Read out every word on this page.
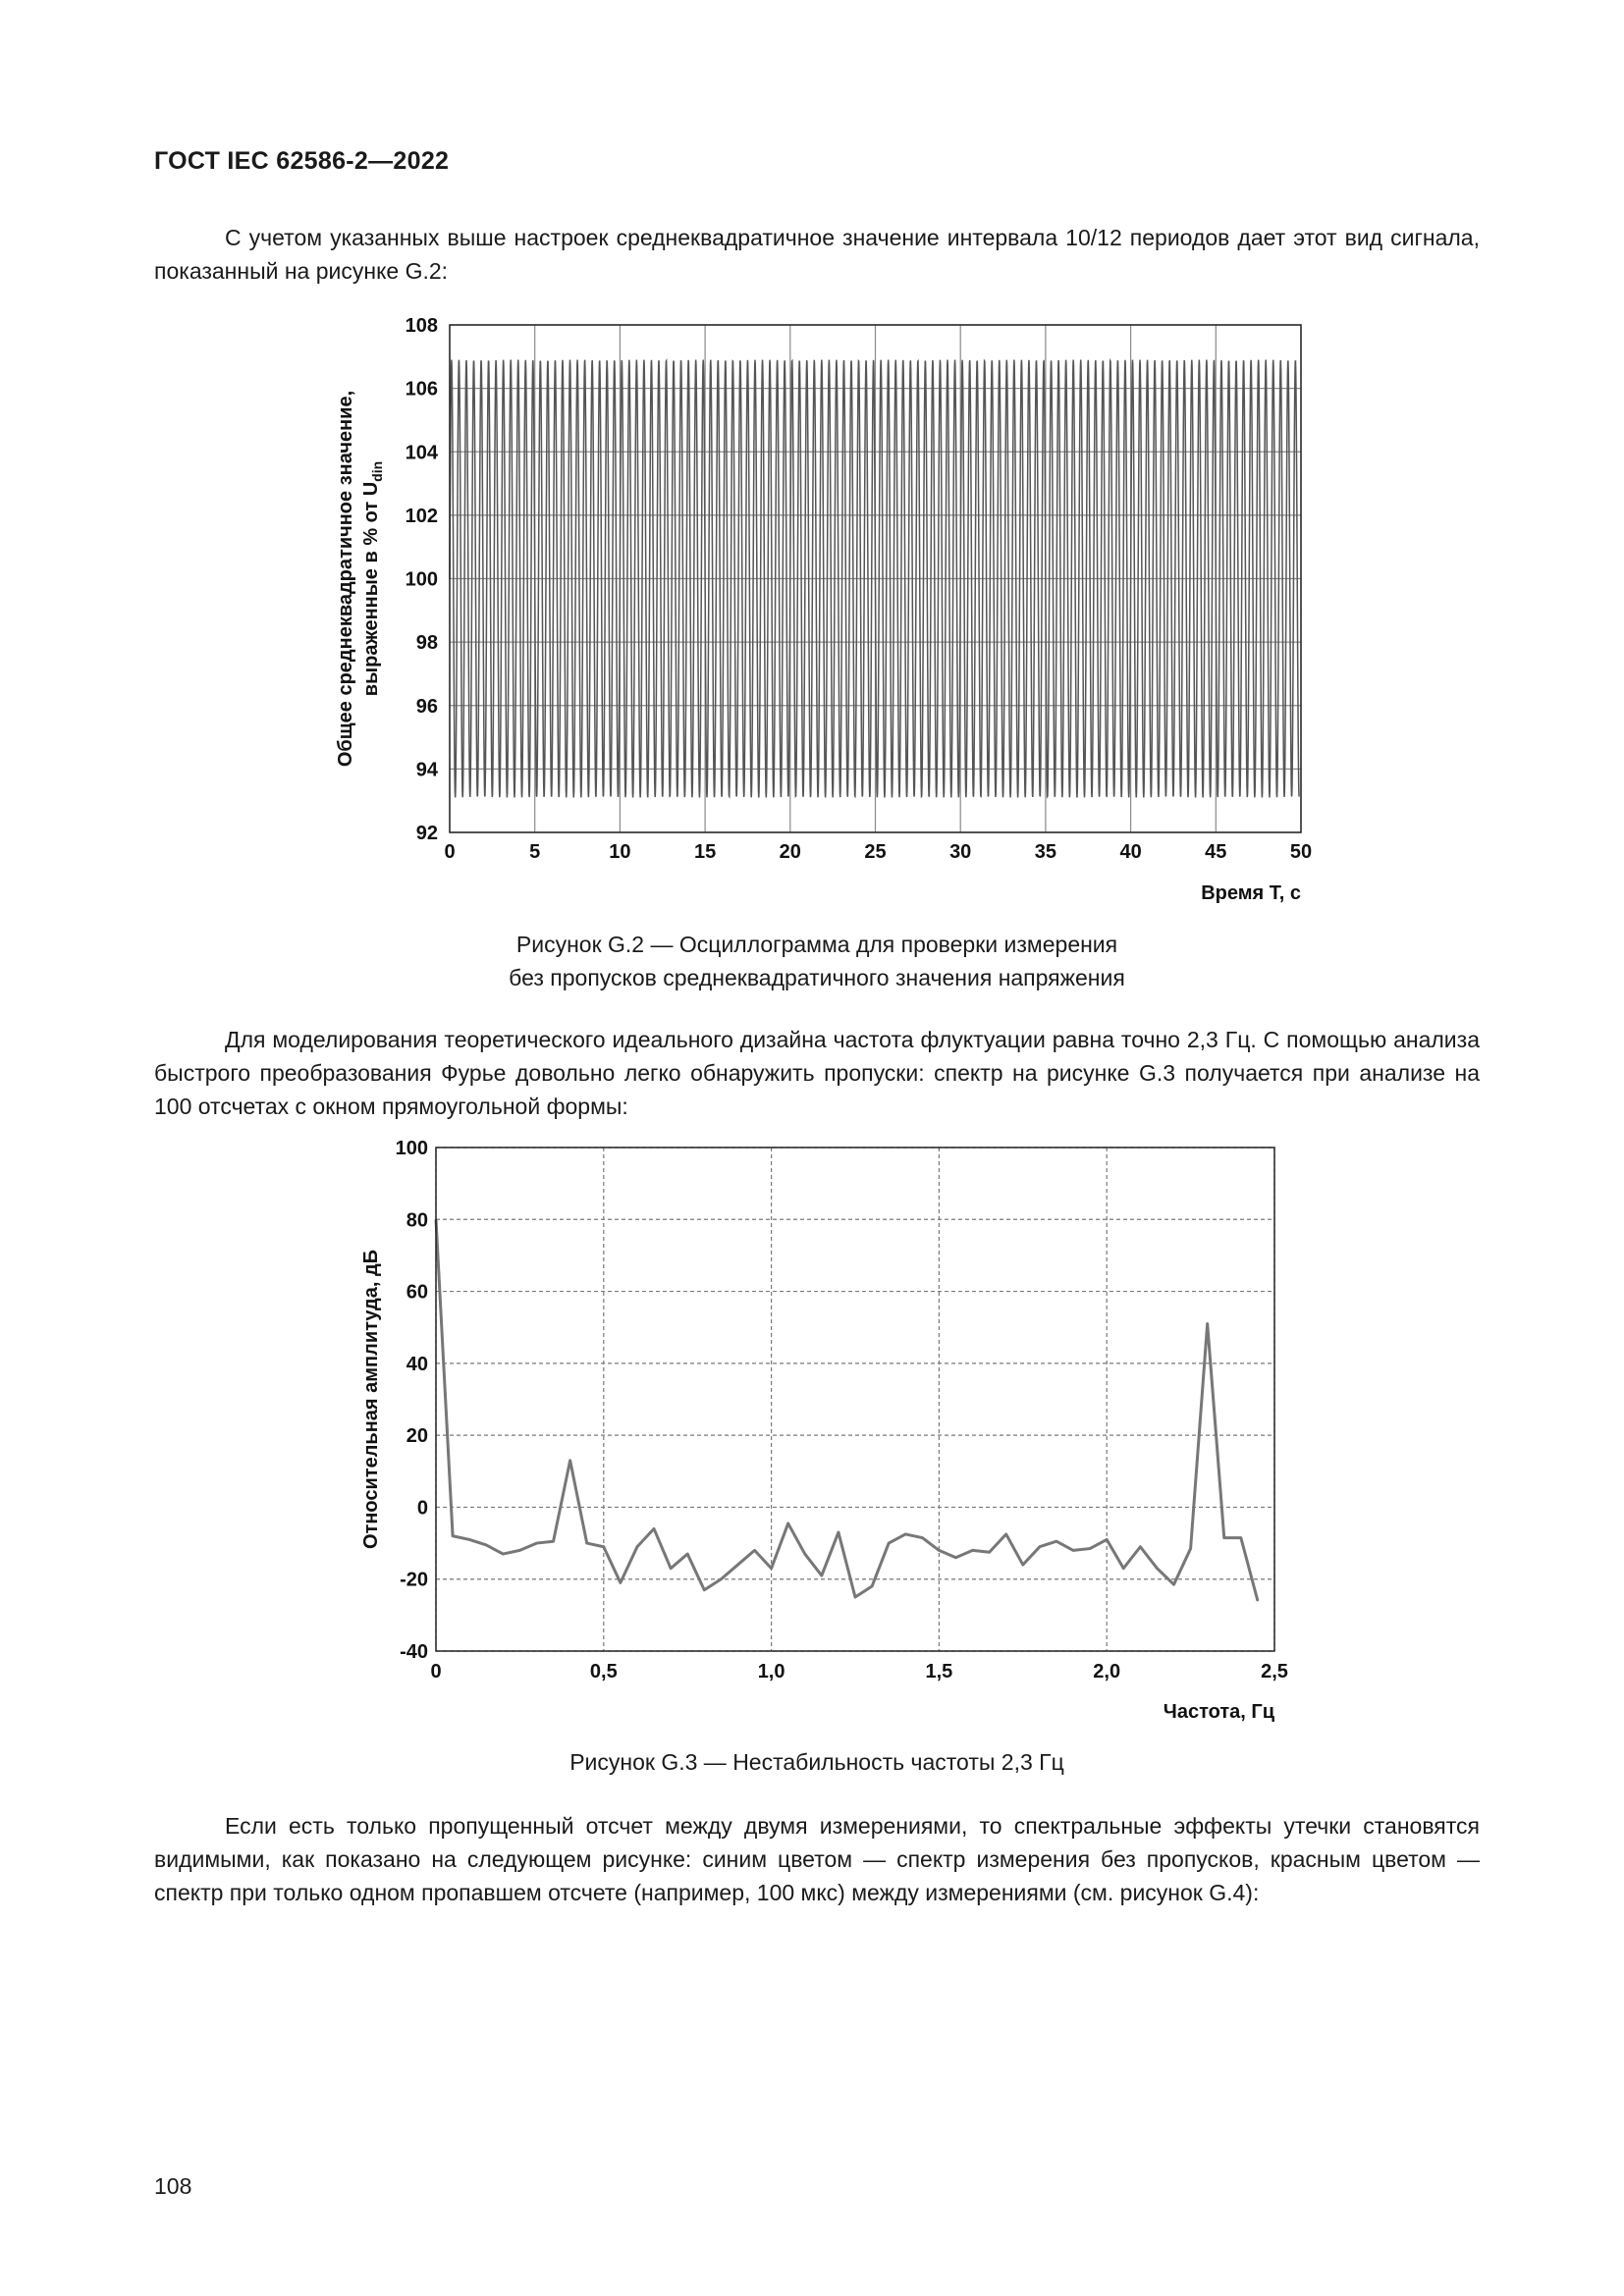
ГОСТ IEC 62586-2—2022

С учетом указанных выше настроек среднеквадратичное значение интервала 10/12 периодов дает этот вид сигнала, показанный на рисунке G.2:

92
94
96
98
100
102
104
106
108
0	5	10	15	20	25	30	35	40	45	50
Время T, с
Общее среднеквадратичное значение, выраженные в % от $U_{din}$
Рисунок G.2 — Осциллограмма для проверки измерения
без пропусков среднеквадратичного значения напряжения

Для моделирования теоретического идеального дизайна частота флуктуации равна точно 2,3 Гц. С помощью анализа быстрого преобразования Фурье довольно легко обнаружить пропуски: спектр на рисунке G.3 получается при анализе на 100 отсчетах с окном прямоугольной формы:

-40
-20
0
20
40
60
80
100
0	0,5	1,0	1,5	2,0	2,5
Частота, Гц
Относительная амплитуда, дБ
Рисунок G.3 — Нестабильность частоты 2,3 Гц

Если есть только пропущенный отсчет между двумя измерениями, то спектральные эффекты утечки становятся видимыми, как показано на следующем рисунке: синим цветом — спектр измерения без пропусков, красным цветом — спектр при только одном пропавшем отсчете (например, 100 мкс) между измерениями (см. рисунок G.4):

108
